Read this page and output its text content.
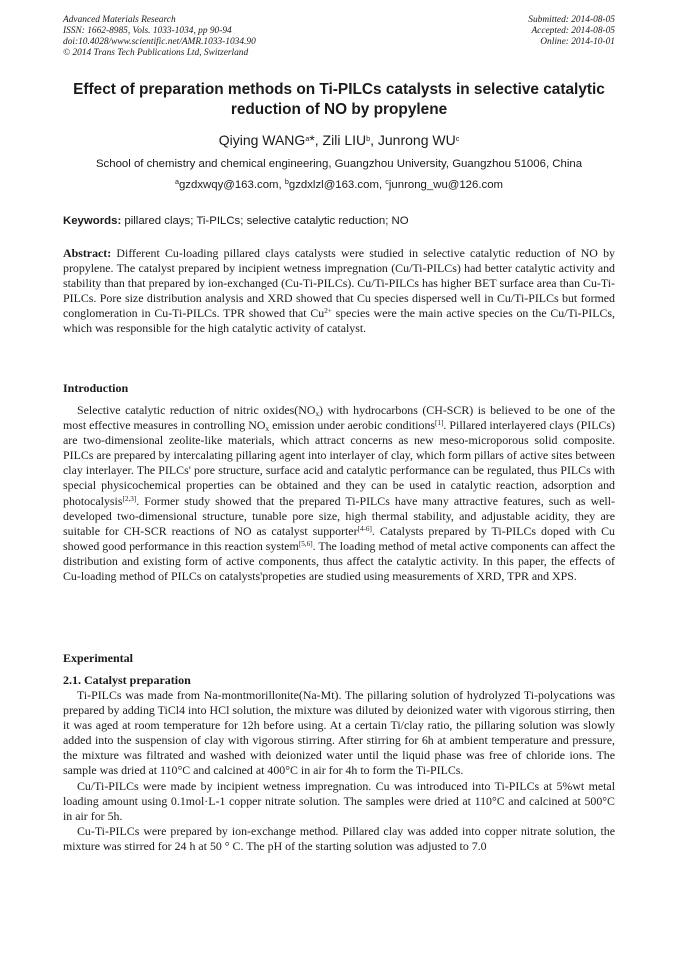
Advanced Materials Research
ISSN: 1662-8985, Vols. 1033-1034, pp 90-94
doi:10.4028/www.scientific.net/AMR.1033-1034.90
© 2014 Trans Tech Publications Ltd, Switzerland
Submitted: 2014-08-05
Accepted: 2014-08-05
Online: 2014-10-01
Effect of preparation methods on Ti-PILCs catalysts in selective catalytic reduction of NO by propylene
Qiying WANG$^a$*, Zili LIU$^b$, Junrong $WU^c$
School of chemistry and chemical engineering, Guangzhou University, Guangzhou 51006, China
$^a$gzdxwqy@163.com, $^b$gzdxlzl@163.com, $^c$junrong_wu@126.com
Keywords: pillared clays; Ti-PILCs; selective catalytic reduction; NO

Abstract: Different Cu-loading pillared clays catalysts were studied in selective catalytic reduction of NO by propylene. The catalyst prepared by incipient wetness impregnation (Cu/Ti-PILCs) had better catalytic activity and stability than that prepared by ion-exchanged (Cu-Ti-PILCs). Cu/Ti-PILCs has higher BET surface area than Cu-Ti-PILCs. Pore size distribution analysis and XRD showed that Cu species dispersed well in Cu/Ti-PILCs but formed conglomeration in Cu-Ti-PILCs. TPR showed that $Cu^{2+}$ species were the main active species on the Cu/Ti-PILCs, which was responsible for the high catalytic activity of catalyst.

Introduction

Selective catalytic reduction of nitric $oxides(NO_x)$ with hydrocarbons (CH-SCR) is believed to be one of the most effective measures in controlling $NO_x$ emission under aerobic conditions[1]. Pillared interlayered clays (PILCs) are two-dimensional zeolite-like materials, which attract concerns as new meso-microporous solid composite. PILCs are prepared by intercalating pillaring agent into interlayer of clay, which form pillars of active sites between clay interlayer. The PILCs' pore structure, surface acid and catalytic performance can be regulated, thus PILCs with special physicochemical properties can be obtained and they can be used in catalytic reaction, adsorption and photocalysis[2,3]. Former study showed that the prepared Ti-PILCs have many attractive features, such as well-developed two-dimensional structure, tunable pore size, high thermal stability, and adjustable acidity, they are suitable for CH-SCR reactions of NO as catalyst supporter[4-6]. Catalysts prepared by Ti-PILCs doped with Cu showed good performance in this reaction system[5,6]. The loading method of metal active components can affect the distribution and existing form of active components, thus affect the catalytic activity. In this paper, the effects of Cu-loading method of PILCs on catalysts'propeties are studied using measurements of XRD, TPR and XPS.

Experimental
2.1. Catalyst preparation

Ti-PILCs was made from Na-montmorillonite(Na-Mt). The pillaring solution of hydrolyzed Ti-polycations was prepared by adding TiCl4 into HCl solution, the mixture was diluted by deionized water with vigorous stirring, then it was aged at room temperature for 12h before using. At a certain Ti/clay ratio, the pillaring solution was slowly added into the suspension of clay with vigorous stirring. After stirring for 6h at ambient temperature and pressure, the mixture was filtrated and washed with deionized water until the liquid phase was free of chloride ions. The sample was dried at 110°C and calcined at 400°C in air for 4h to form the Ti-PILCs.

Cu/Ti-PILCs were made by incipient wetness impregnation. Cu was introduced into Ti-PILCs at 5%wt metal loading amount using 0.1mol·L-1 copper nitrate solution. The samples were dried at 110°C and calcined at 500°C in air for 5h.

Cu-Ti-PILCs were prepared by ion-exchange method. Pillared clay was added into copper nitrate solution, the mixture was stirred for 24 h at 50 ° C. The pH of the starting solution was adjusted to 7.0
